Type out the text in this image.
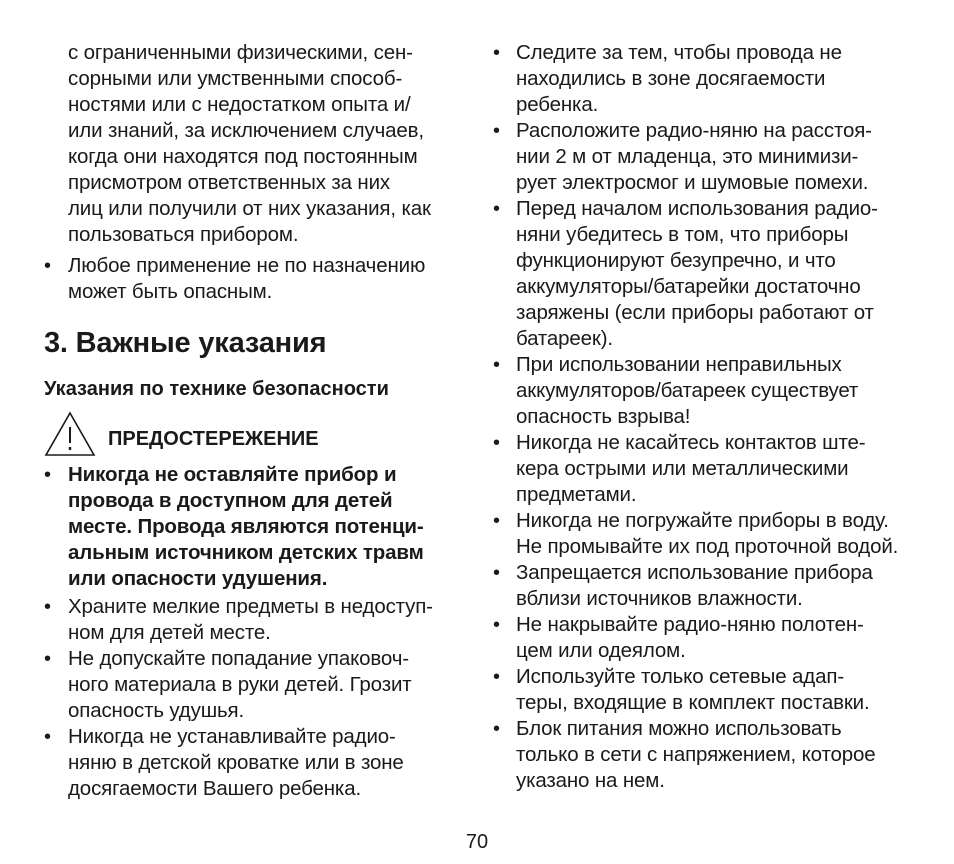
с ограниченными физическими, сен-
сорными или умственными способ-
ностями или с недостатком опыта и/
или знаний, за исключением случаев,
когда они находятся под постоянным
присмотром ответственных за них
лиц или получили от них указания, как
пользоваться прибором.
• Любое применение не по назначению
может быть опасным.
3. Важные указания
Указания по технике безопасности
ПРЕДОСТЕРЕЖЕНИЕ
• Никогда не оставляйте прибор и
провода в доступном для детей
месте. Провода являются потенци-
альным источником детских травм
или опасности удушения.
• Храните мелкие предметы в недоступ-
ном для детей месте.
• Не допускайте попадание упаковоч-
ного материала в руки детей. Грозит
опасность удушья.
• Никогда не устанавливайте радио-
няню в детской кроватке или в зоне
досягаемости Вашего ребенка.
• Следите за тем, чтобы провода не
находились в зоне досягаемости
ребенка.
• Расположите радио-няню на расстоя-
нии 2 м от младенца, это минимизи-
рует электросмог и шумовые помехи.
• Перед началом использования радио-
няни убедитесь в том, что приборы
функционируют безупречно, и что
аккумуляторы/батарейки достаточно
заряжены (если приборы работают от
батареек).
• При использовании неправильных
аккумуляторов/батареек существует
опасность взрыва!
• Никогда не касайтесь контактов ште-
кера острыми или металлическими
предметами.
• Никогда не погружайте приборы в воду.
Не промывайте их под проточной водой.
• Запрещается использование прибора
вблизи источников влажности.
• Не накрывайте радио-няню полотен-
цем или одеялом.
• Используйте только сетевые адап-
теры, входящие в комплект поставки.
• Блок питания можно использовать
только в сети с напряжением, которое
указано на нем.
70
